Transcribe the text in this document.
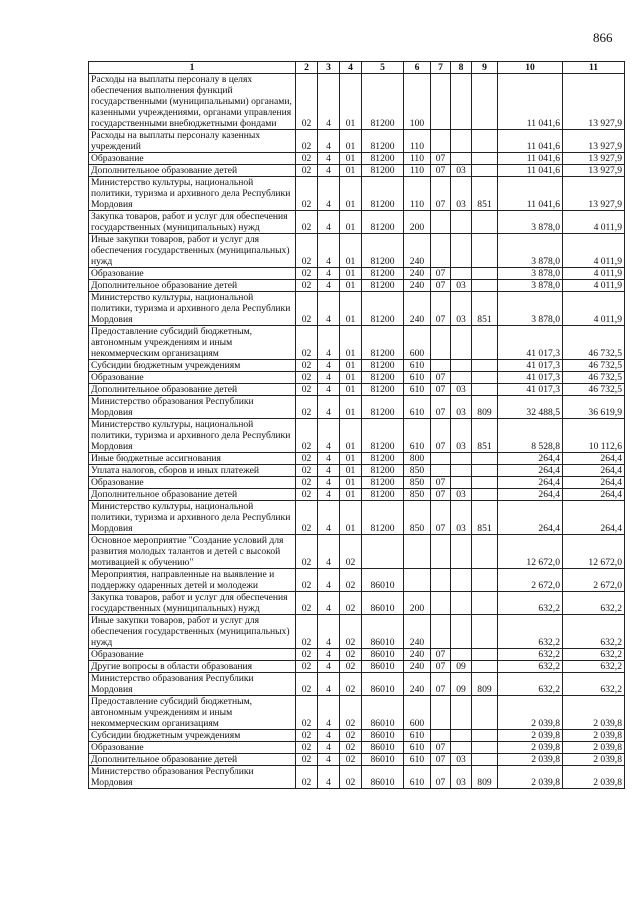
866
1	2	3	4	5	6	7	8	9	10	11
Расходы на выплаты персоналу в целях обеспечения выполнения функций государственными (муниципальными) органами, казенными учреждениями, органами управления государственными внебюджетными фондами	02	4	01	81200	100				11 041,6	13 927,9
Расходы на выплаты персоналу казенных учреждений	02	4	01	81200	110				11 041,6	13 927,9
Образование	02	4	01	81200	110	07			11 041,6	13 927,9
Дополнительное образование детей	02	4	01	81200	110	07	03		11 041,6	13 927,9
Министерство культуры, национальной политики, туризма и архивного дела Республики Мордовия	02	4	01	81200	110	07	03	851	11 041,6	13 927,9
Закупка товаров, работ и услуг для обеспечения государственных (муниципальных) нужд	02	4	01	81200	200				3 878,0	4 011,9
Иные закупки товаров, работ и услуг для обеспечения государственных (муниципальных) нужд	02	4	01	81200	240				3 878,0	4 011,9
Образование	02	4	01	81200	240	07			3 878,0	4 011,9
Дополнительное образование детей	02	4	01	81200	240	07	03		3 878,0	4 011,9
Министерство культуры, национальной политики, туризма и архивного дела Республики Мордовия	02	4	01	81200	240	07	03	851	3 878,0	4 011,9
Предоставление субсидий бюджетным, автономным учреждениям и иным некоммерческим организациям	02	4	01	81200	600				41 017,3	46 732,5
Субсидии бюджетным учреждениям	02	4	01	81200	610				41 017,3	46 732,5
Образование	02	4	01	81200	610	07			41 017,3	46 732,5
Дополнительное образование детей	02	4	01	81200	610	07	03		41 017,3	46 732,5
Министерство образования Республики Мордовия	02	4	01	81200	610	07	03	809	32 488,5	36 619,9
Министерство культуры, национальной политики, туризма и архивного дела Республики Мордовия	02	4	01	81200	610	07	03	851	8 528,8	10 112,6
Иные бюджетные ассигнования	02	4	01	81200	800				264,4	264,4
Уплата налогов, сборов и иных платежей	02	4	01	81200	850				264,4	264,4
Образование	02	4	01	81200	850	07			264,4	264,4
Дополнительное образование детей	02	4	01	81200	850	07	03		264,4	264,4
Министерство культуры, национальной политики, туризма и архивного дела Республики Мордовия	02	4	01	81200	850	07	03	851	264,4	264,4
Основное мероприятие "Создание условий для развития молодых талантов и детей с высокой мотивацией к обучению"	02	4	02						12 672,0	12 672,0
Мероприятия, направленные на выявление и поддержку одаренных детей и молодежи	02	4	02	86010					2 672,0	2 672,0
Закупка товаров, работ и услуг для обеспечения государственных (муниципальных) нужд	02	4	02	86010	200				632,2	632,2
Иные закупки товаров, работ и услуг для обеспечения государственных (муниципальных) нужд	02	4	02	86010	240				632,2	632,2
Образование	02	4	02	86010	240	07			632,2	632,2
Другие вопросы в области образования	02	4	02	86010	240	07	09		632,2	632,2
Министерство образования Республики Мордовия	02	4	02	86010	240	07	09	809	632,2	632,2
Предоставление субсидий бюджетным, автономным учреждениям и иным некоммерческим организациям	02	4	02	86010	600				2 039,8	2 039,8
Субсидии бюджетным учреждениям	02	4	02	86010	610				2 039,8	2 039,8
Образование	02	4	02	86010	610	07			2 039,8	2 039,8
Дополнительное образование детей	02	4	02	86010	610	07	03		2 039,8	2 039,8
Министерство образования Республики Мордовия	02	4	02	86010	610	07	03	809	2 039,8	2 039,8
